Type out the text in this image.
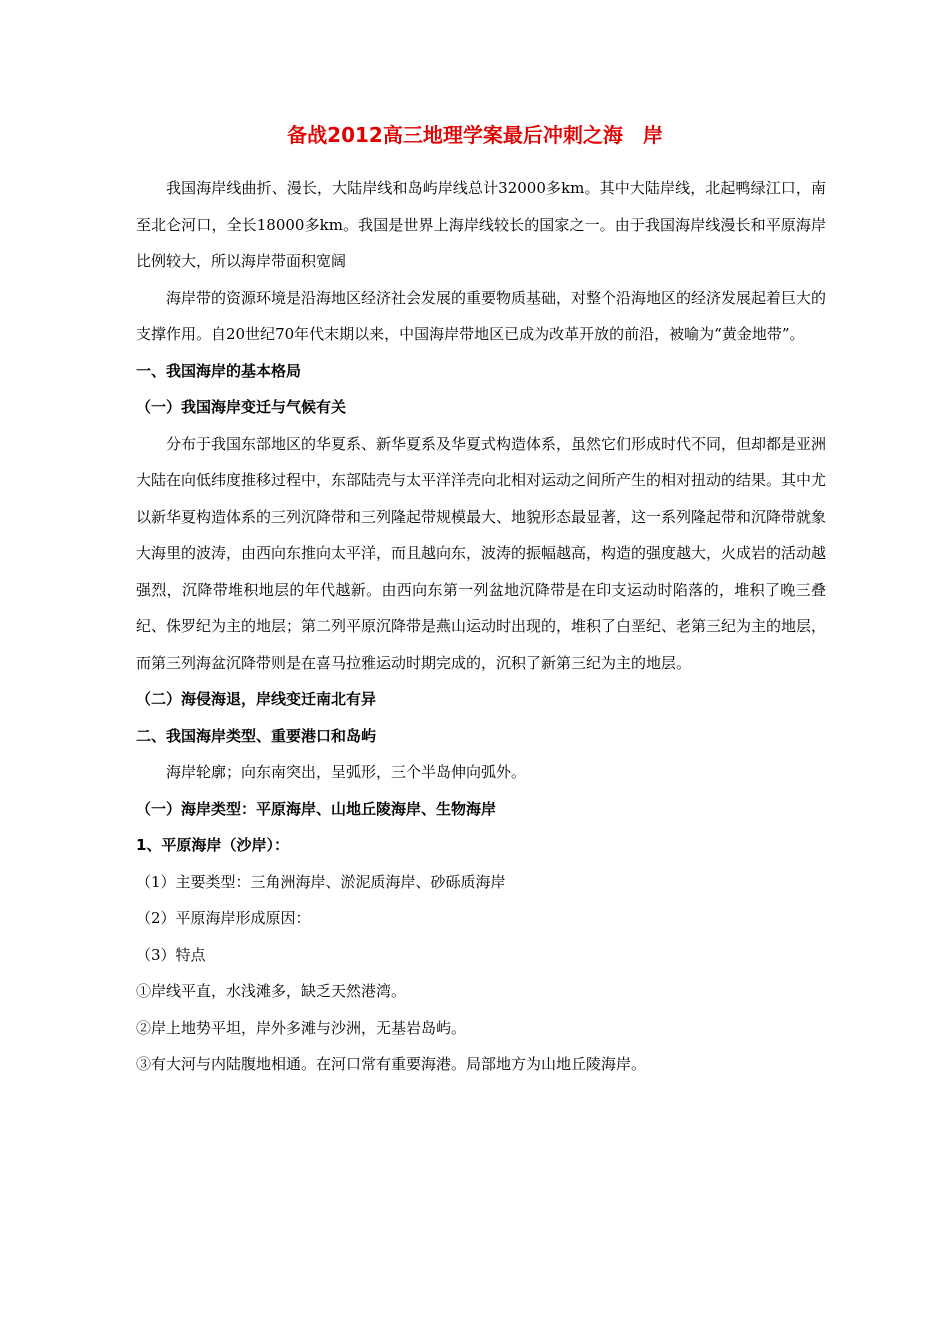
备战2012高三地理学案最后冲刺之海　岸

我国海岸线曲折、漫长，大陆岸线和岛屿岸线总计32000多km。其中大陆岸线，北起鸭绿江口，南至北仑河口，全长18000多km。我国是世界上海岸线较长的国家之一。由于我国海岸线漫长和平原海岸比例较大，所以海岸带面积宽阔

海岸带的资源环境是沿海地区经济社会发展的重要物质基础，对整个沿海地区的经济发展起着巨大的支撑作用。自20世纪70年代末期以来，中国海岸带地区已成为改革开放的前沿，被喻为“黄金地带”。

一、我国海岸的基本格局

（一）我国海岸变迁与气候有关

分布于我国东部地区的华夏系、新华夏系及华夏式构造体系，虽然它们形成时代不同，但却都是亚洲大陆在向低纬度推移过程中，东部陆壳与太平洋洋壳向北相对运动之间所产生的相对扭动的结果。其中尤以新华夏构造体系的三列沉降带和三列隆起带规模最大、地貌形态最显著，这一系列隆起带和沉降带就象大海里的波涛，由西向东推向太平洋，而且越向东，波涛的振幅越高，构造的强度越大，火成岩的活动越强烈，沉降带堆积地层的年代越新。由西向东第一列盆地沉降带是在印支运动时陷落的，堆积了晚三叠纪、侏罗纪为主的地层；第二列平原沉降带是燕山运动时出现的，堆积了白垩纪、老第三纪为主的地层，而第三列海盆沉降带则是在喜马拉雅运动时期完成的，沉积了新第三纪为主的地层。

（二）海侵海退，岸线变迁南北有异

二、我国海岸类型、重要港口和岛屿

海岸轮廓；向东南突出，呈弧形，三个半岛伸向弧外。

（一）海岸类型：平原海岸、山地丘陵海岸、生物海岸

1、平原海岸（沙岸）：

（1）主要类型：三角洲海岸、淤泥质海岸、砂砾质海岸

（2）平原海岸形成原因：

（3）特点

①岸线平直，水浅滩多，缺乏天然港湾。

②岸上地势平坦，岸外多滩与沙洲，无基岩岛屿。

③有大河与内陆腹地相通。在河口常有重要海港。局部地方为山地丘陵海岸。
